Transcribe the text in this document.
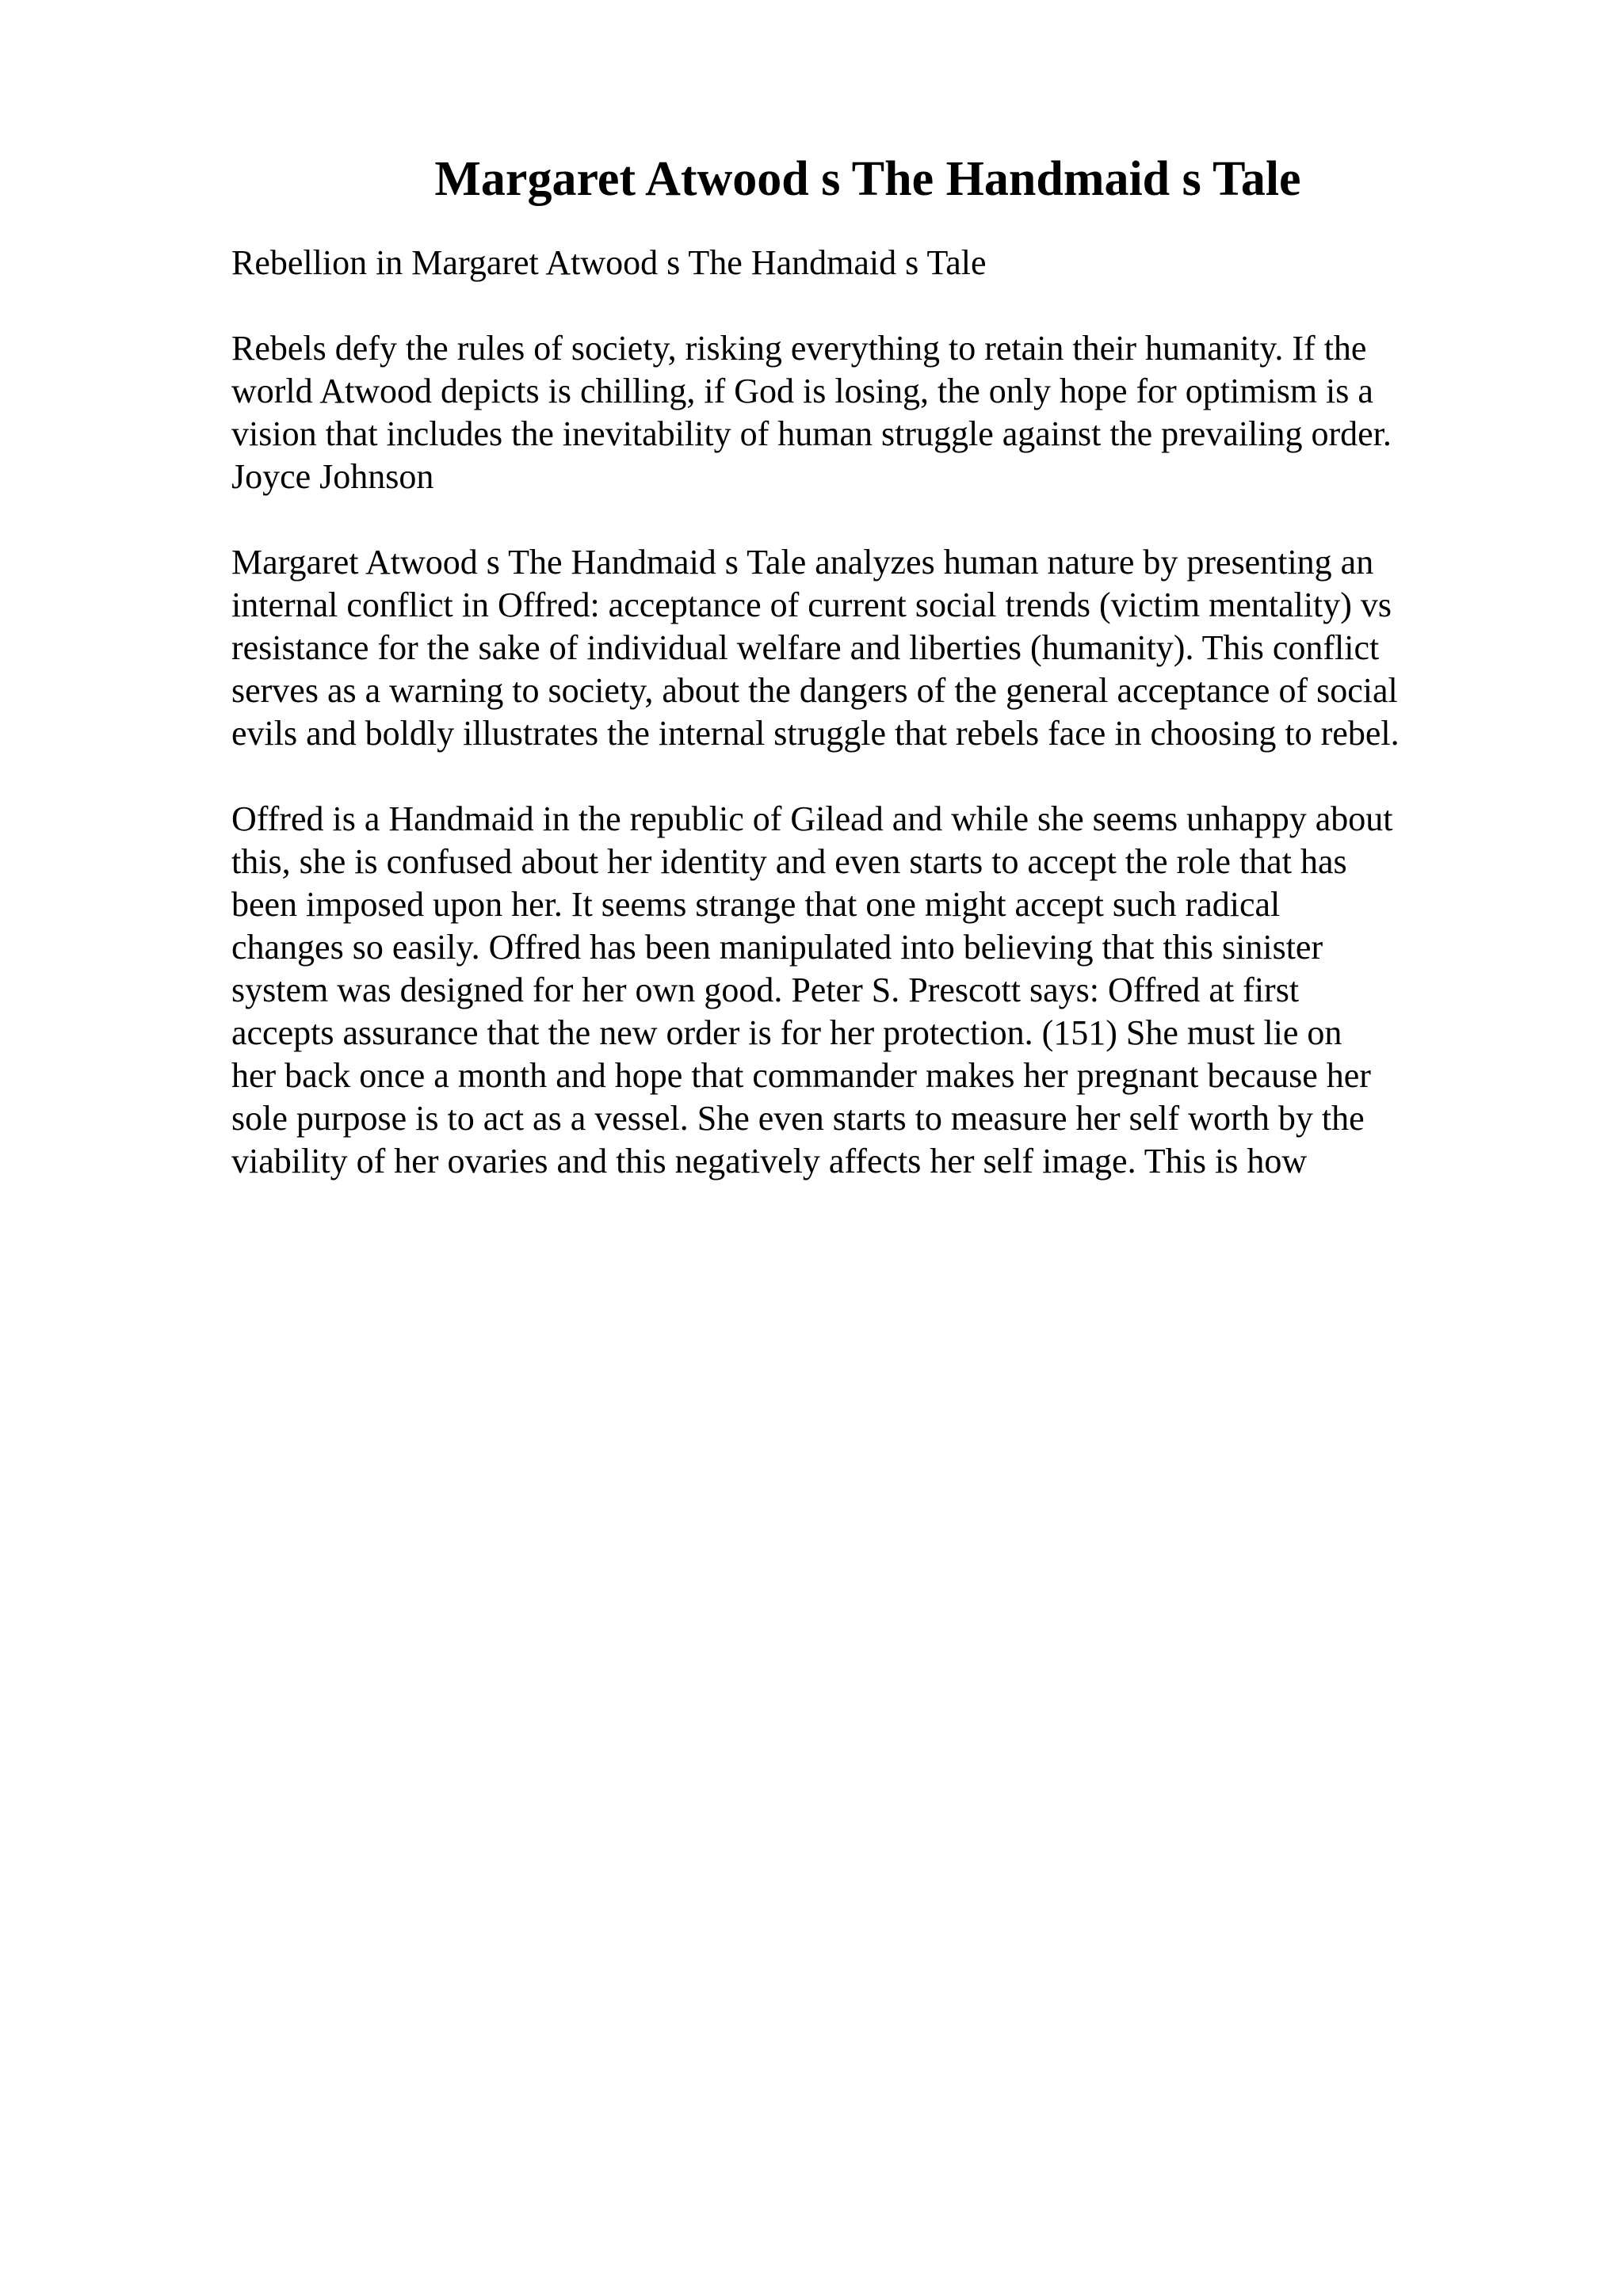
Margaret Atwood s The Handmaid s Tale

Rebellion in Margaret Atwood s The Handmaid s Tale

Rebels defy the rules of society, risking everything to retain their humanity. If the
world Atwood depicts is chilling, if God is losing, the only hope for optimism is a
vision that includes the inevitability of human struggle against the prevailing order.
Joyce Johnson

Margaret Atwood s The Handmaid s Tale analyzes human nature by presenting an
internal conflict in Offred: acceptance of current social trends (victim mentality) vs
resistance for the sake of individual welfare and liberties (humanity). This conflict
serves as a warning to society, about the dangers of the general acceptance of social
evils and boldly illustrates the internal struggle that rebels face in choosing to rebel.

Offred is a Handmaid in the republic of Gilead and while she seems unhappy about
this, she is confused about her identity and even starts to accept the role that has
been imposed upon her. It seems strange that one might accept such radical
changes so easily. Offred has been manipulated into believing that this sinister
system was designed for her own good. Peter S. Prescott says: Offred at first
accepts assurance that the new order is for her protection. (151) She must lie on
her back once a month and hope that commander makes her pregnant because her
sole purpose is to act as a vessel. She even starts to measure her self worth by the
viability of her ovaries and this negatively affects her self image. This is how
